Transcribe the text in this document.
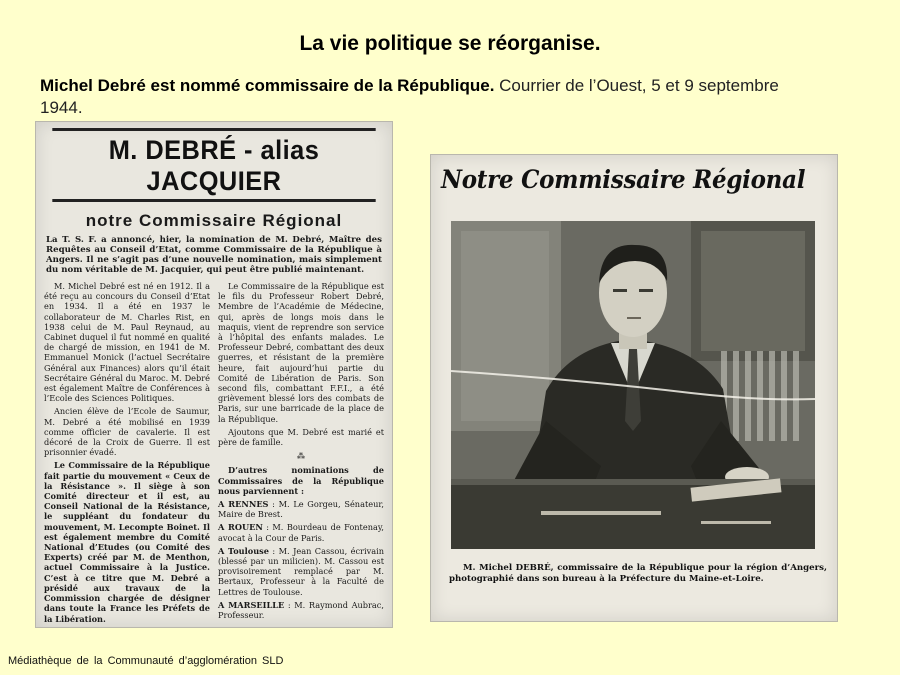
La vie politique se réorganise.
Michel Debré est nommé commissaire de la République. Courrier de l’Ouest, 5 et 9 septembre 1944.
M. DEBRÉ - alias JACQUIER
notre Commissaire Régional
La T. S. F. a annoncé, hier, la nomination de M. Debré, Maître des Requêtes au Conseil d’Etat, comme Commissaire de la République à Angers. Il ne s’agit pas d’une nouvelle nomination, mais simplement du nom véritable de M. Jacquier, qui peut être publié maintenant.

M. Michel Debré est né en 1912. Il a été reçu au concours du Conseil d’Etat en 1934. Il a été en 1937 le collaborateur de M. Charles Rist, en 1938 celui de M. Paul Reynaud, au Cabinet duquel il fut nommé en qualité de chargé de mission, en 1941 de M. Emmanuel Monick (l’actuel Secrétaire Général aux Finances) alors qu’il était Secrétaire Général du Maroc. M. Debré est également Maître de Conférences à l’Ecole des Sciences Politiques.

Ancien élève de l’Ecole de Saumur, M. Debré a été mobilisé en 1939 comme officier de cavalerie. Il est décoré de la Croix de Guerre. Il est prisonnier évadé.

Le Commissaire de la République fait partie du mouvement « Ceux de la Résistance ». Il siège à son Comité directeur et il est, au Conseil National de la Résistance, le suppléant du fondateur du mouvement, M. Lecompte Boinet. Il est également membre du Comité National d’Etudes (ou Comité des Experts) créé par M. de Menthon, actuel Commissaire à la Justice. C’est à ce titre que M. Debré a présidé aux travaux de la Commission chargée de désigner dans toute la France les Préfets de la Libération.

Le Commissaire de la République est le fils du Professeur Robert Debré, Membre de l’Académie de Médecine, qui, après de longs mois dans le maquis, vient de reprendre son service à l’hôpital des enfants malades. Le Professeur Debré, combattant des deux guerres, et résistant de la première heure, fait aujourd’hui partie du Comité de Libération de Paris. Son second fils, combattant F.F.I., a été grièvement blessé lors des combats de Paris, sur une barricade de la place de la République.

Ajoutons que M. Debré est marié et père de famille.

⁂

D’autres nominations de Commissaires de la République nous parviennent :

A RENNES : M. Le Gorgeu, Sénateur, Maire de Brest.

A ROUEN : M. Bourdeau de Fontenay, avocat à la Cour de Paris.

A Toulouse : M. Jean Cassou, écrivain (blessé par un milicien). M. Cassou est provisoirement remplacé par M. Bertaux, Professeur à la Faculté de Lettres de Toulouse.

A MARSEILLE : M. Raymond Aubrac, Professeur.

Notre Commissaire Régional
M. Michel DEBRÉ, commissaire de la République pour la région d’Angers, photographié dans son bureau à la Préfecture du Maine-et-Loire.
Médiathèque de la Communauté d’agglomération SLD
